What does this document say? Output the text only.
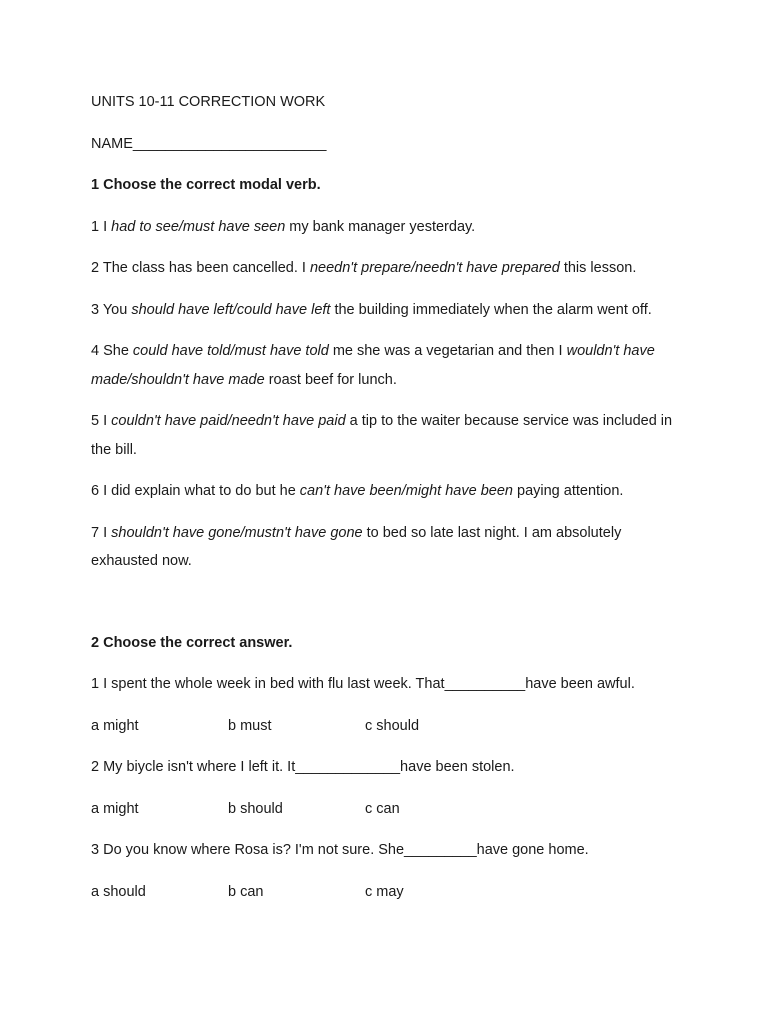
UNITS 10-11 CORRECTION WORK

NAME________________________

1 Choose the correct modal verb.

1 I had to see/must have seen my bank manager yesterday.

2 The class has been cancelled. I needn't prepare/needn't have prepared this lesson.

3 You should have left/could have left the building immediately when the alarm went off.

4 She could have told/must have told me she was a vegetarian and then I wouldn't have made/shouldn't have made roast beef for lunch.

5 I couldn't have paid/needn't have paid a tip to the waiter because service was included in the bill.

6 I did explain what to do but he can't have been/might have been paying attention.

7 I shouldn't have gone/mustn't have gone to bed so late last night. I am absolutely exhausted now.

2 Choose the correct answer.

1 I spent the whole week in bed with flu last week. That__________have been awful.

a might	b must	c should

2 My biycle isn't where I left it. It_____________have been stolen.

a might	b should	c can

3 Do you know where Rosa is? I'm not sure. She_________have gone home.

a should	b can	c may
